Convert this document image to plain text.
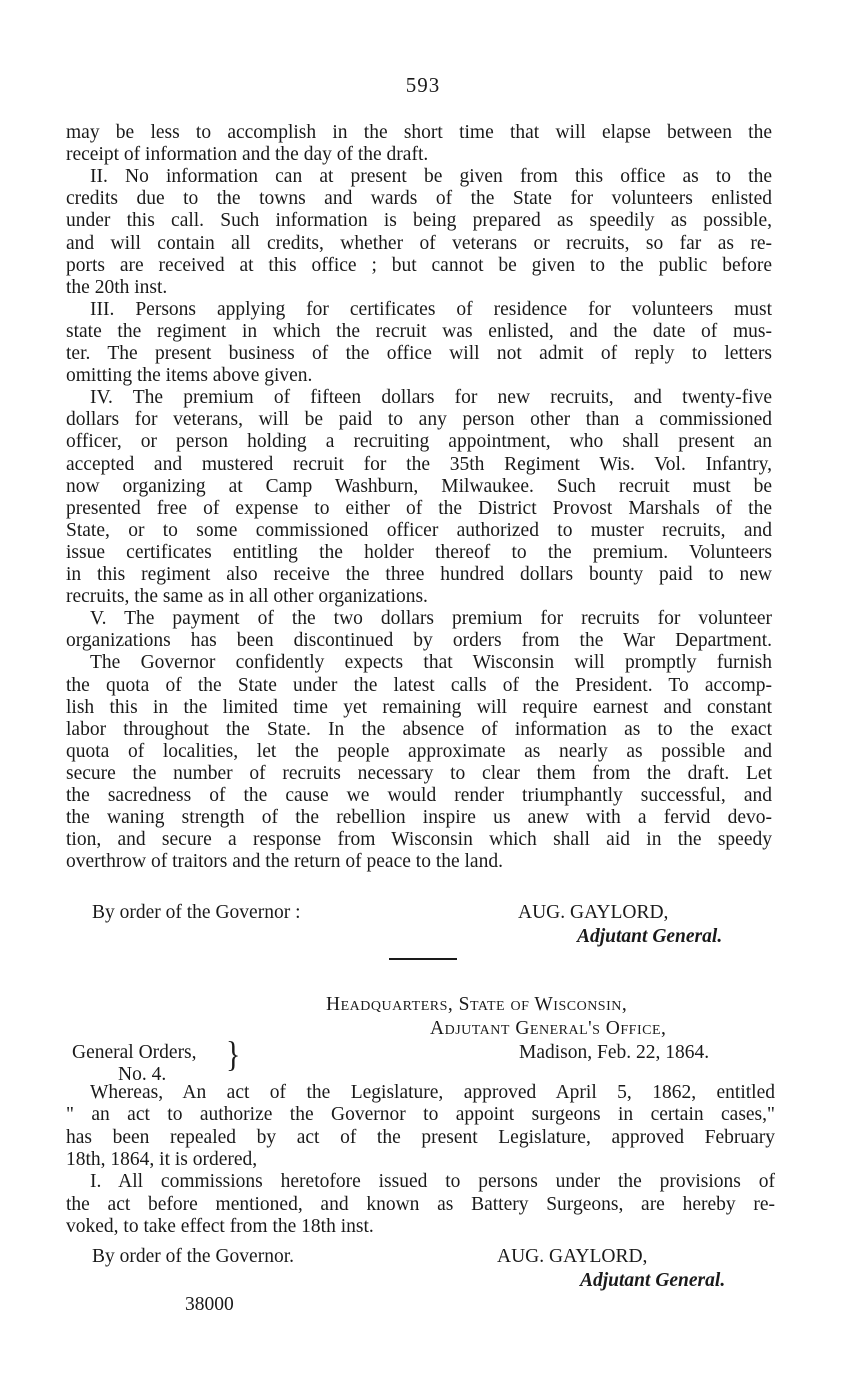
593
may be less to accomplish in the short time that will elapse between the
receipt of information and the day of the draft.
II. No information can at present be given from this office as to the
credits due to the towns and wards of the State for volunteers enlisted
under this call. Such information is being prepared as speedily as possible,
and will contain all credits, whether of veterans or recruits, so far as re-
ports are received at this office ; but cannot be given to the public before
the 20th inst.
III. Persons applying for certificates of residence for volunteers must
state the regiment in which the recruit was enlisted, and the date of mus-
ter. The present business of the office will not admit of reply to letters
omitting the items above given.
IV. The premium of fifteen dollars for new recruits, and twenty-five
dollars for veterans, will be paid to any person other than a commissioned
officer, or person holding a recruiting appointment, who shall present an
accepted and mustered recruit for the 35th Regiment Wis. Vol. Infantry,
now organizing at Camp Washburn, Milwaukee. Such recruit must be
presented free of expense to either of the District Provost Marshals of the
State, or to some commissioned officer authorized to muster recruits, and
issue certificates entitling the holder thereof to the premium. Volunteers
in this regiment also receive the three hundred dollars bounty paid to new
recruits, the same as in all other organizations.
V. The payment of the two dollars premium for recruits for volunteer
organizations has been discontinued by orders from the War Department.
The Governor confidently expects that Wisconsin will promptly furnish
the quota of the State under the latest calls of the President. To accomp-
lish this in the limited time yet remaining will require earnest and constant
labor throughout the State. In the absence of information as to the exact
quota of localities, let the people approximate as nearly as possible and
secure the number of recruits necessary to clear them from the draft. Let
the sacredness of the cause we would render triumphantly successful, and
the waning strength of the rebellion inspire us anew with a fervid devo-
tion, and secure a response from Wisconsin which shall aid in the speedy
overthrow of traitors and the return of peace to the land.
By order of the Governor :	AUG. GAYLORD,
Adjutant General.
Headquarters, State of Wisconsin,
Adjutant General's Office,
General Orders, }
No. 4.
Madison, Feb. 22, 1864.
Whereas, An act of the Legislature, approved April 5, 1862, entitled
" an act to authorize the Governor to appoint surgeons in certain cases,"
has been repealed by act of the present Legislature, approved February
18th, 1864, it is ordered,
I. All commissions heretofore issued to persons under the provisions of
the act before mentioned, and known as Battery Surgeons, are hereby re-
voked, to take effect from the 18th inst.
By order of the Governor.	AUG. GAYLORD,
Adjutant General.
38000
